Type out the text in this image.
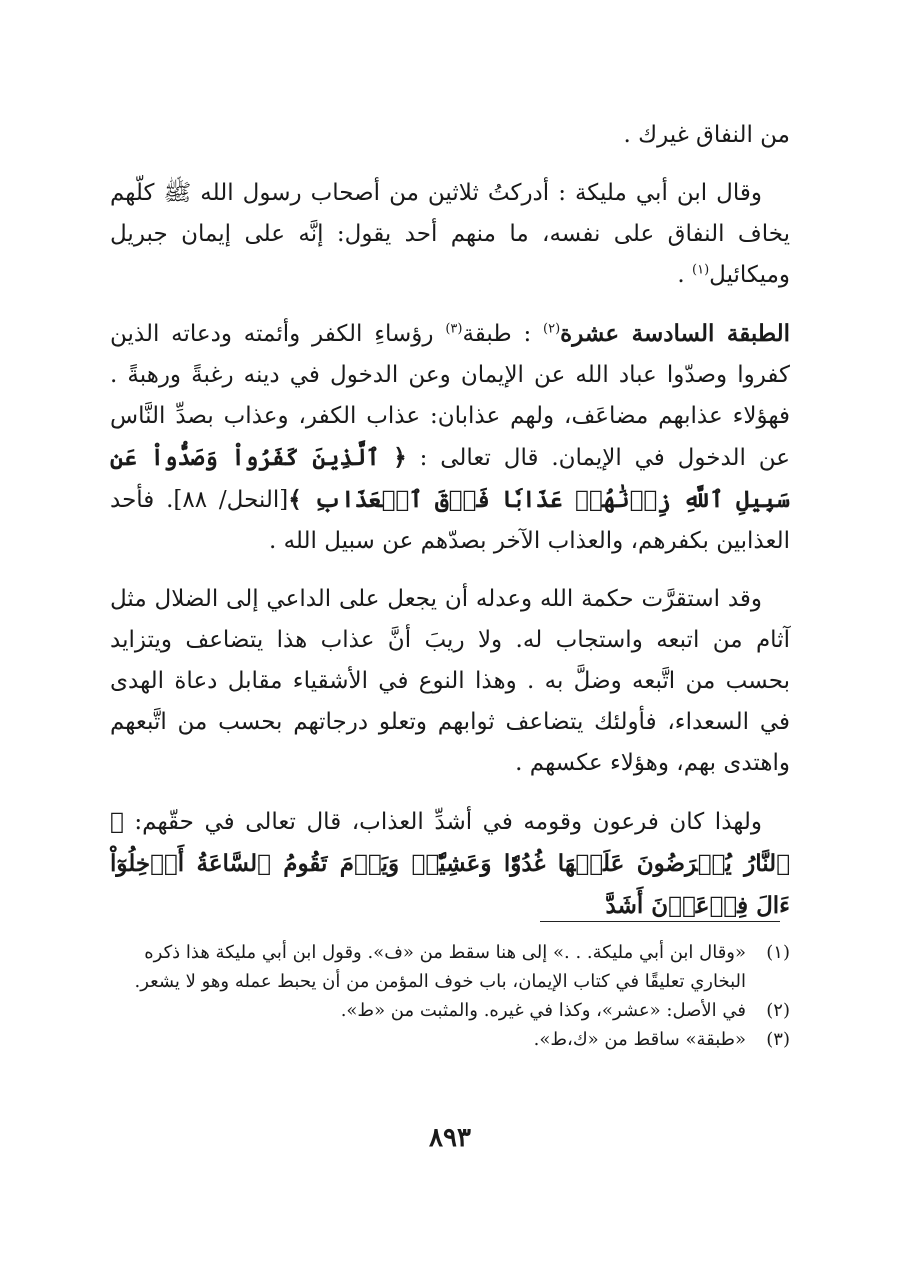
من النفاق غيرك .

وقال ابن أبي مليكة : أدركتُ ثلاثين من أصحاب رسول الله ﷺ كلّهم يخاف النفاق على نفسه، ما منهم أحد يقول: إنَّه على إيمان جبريل وميكائيل$^{(١)}$ .

الطبقة السادسة عشرة$^{(٢)}$ : طبقة$^{(٣)}$ رؤساءِ الكفر وأئمته ودعاته الذين كفروا وصدّوا عباد الله عن الإيمان وعن الدخول في دينه رغبةً ورهبةً . فهؤلاء عذابهم مضاعَف، ولهم عذابان: عذاب الكفر، وعذاب بصدِّ النَّاس عن الدخول في الإيمان. قال تعالى : ﴿ ٱلَّذِينَ كَفَرُواْ وَصَدُّواْ عَن سَبِيلِ ٱللَّهِ زِدۡنَٰهُمۡ عَذَابٗا فَوۡقَ ٱلۡعَذَابِ ﴾[النحل/ ٨٨]. فأحد العذابين بكفرهم، والعذاب الآخر بصدّهم عن سبيل الله .

وقد استقرَّت حكمة الله وعدله أن يجعل على الداعي إلى الضلال مثل آثام من اتبعه واستجاب له. ولا ريبَ أنَّ عذاب هذا يتضاعف ويتزايد بحسب من اتَّبعه وضلَّ به . وهذا النوع في الأشقياء مقابل دعاة الهدى في السعداء، فأولئك يتضاعف ثوابهم وتعلو درجاتهم بحسب من اتَّبعهم واهتدى بهم، وهؤلاء عكسهم .

ولهذا كان فرعون وقومه في أشدِّ العذاب، قال تعالى في حقّهم: ﴿ ٱلنَّارُ يُعۡرَضُونَ عَلَيۡهَا غُدُوّٗا وَعَشِيّٗاۚ وَيَوۡمَ تَقُومُ ٱلسَّاعَةُ أَدۡخِلُوٓاْ ءَالَ فِرۡعَوۡنَ أَشَدَّ

(١)
«وقال ابن أبي مليكة. . .» إلى هنا سقط من «ف». وقول ابن أبي مليكة هذا ذكره البخاري تعليقًا في كتاب الإيمان، باب خوف المؤمن من أن يحبط عمله وهو لا يشعر.
(٢)
في الأصل: «عشر»، وكذا في غيره. والمثبت من «ط».
(٣)
«طبقة» ساقط من «ك،ط».
٨٩٣
